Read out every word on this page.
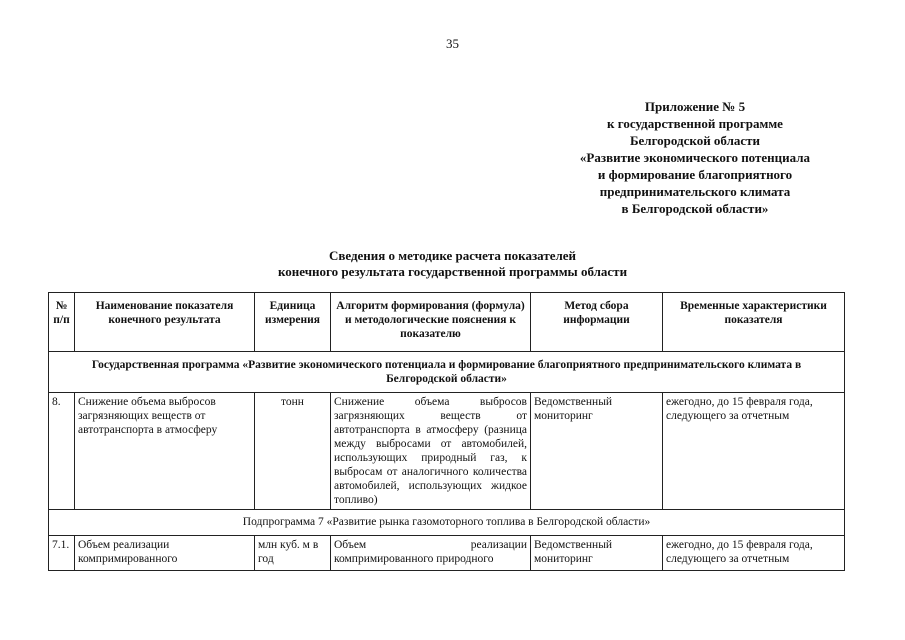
35
Приложение № 5
к государственной программе
Белгородской области
«Развитие экономического потенциала
и формирование благоприятного
предпринимательского климата
в Белгородской области»
Сведения о методике расчета показателей
конечного результата государственной программы области
№ п/п	Наименование показателя конечного результата	Единица измерения	Алгоритм формирования (формула) и методологические пояснения к показателю	Метод сбора информации	Временные характеристики показателя
Государственная программа «Развитие экономического потенциала и формирование благоприятного предпринимательского климата в Белгородской области»					
8.	Снижение объема выбросов загрязняющих веществ от автотранспорта в атмосферу	тонн	Снижение объема выбросов загрязняющих веществ от автотранспорта в атмосферу (разница между выбросами от автомобилей, использующих природный газ, к выбросам от аналогичного количества автомобилей, использующих жидкое топливо)	Ведомственный мониторинг	ежегодно, до 15 февраля года, следующего за отчетным
Подпрограмма 7 «Развитие рынка газомоторного топлива в Белгородской области»					
7.1.	Объем реализации компримированного	млн куб. м в год	Объем реализации компримированного природного	Ведомственный мониторинг	ежегодно, до 15 февраля года, следующего за отчетным
